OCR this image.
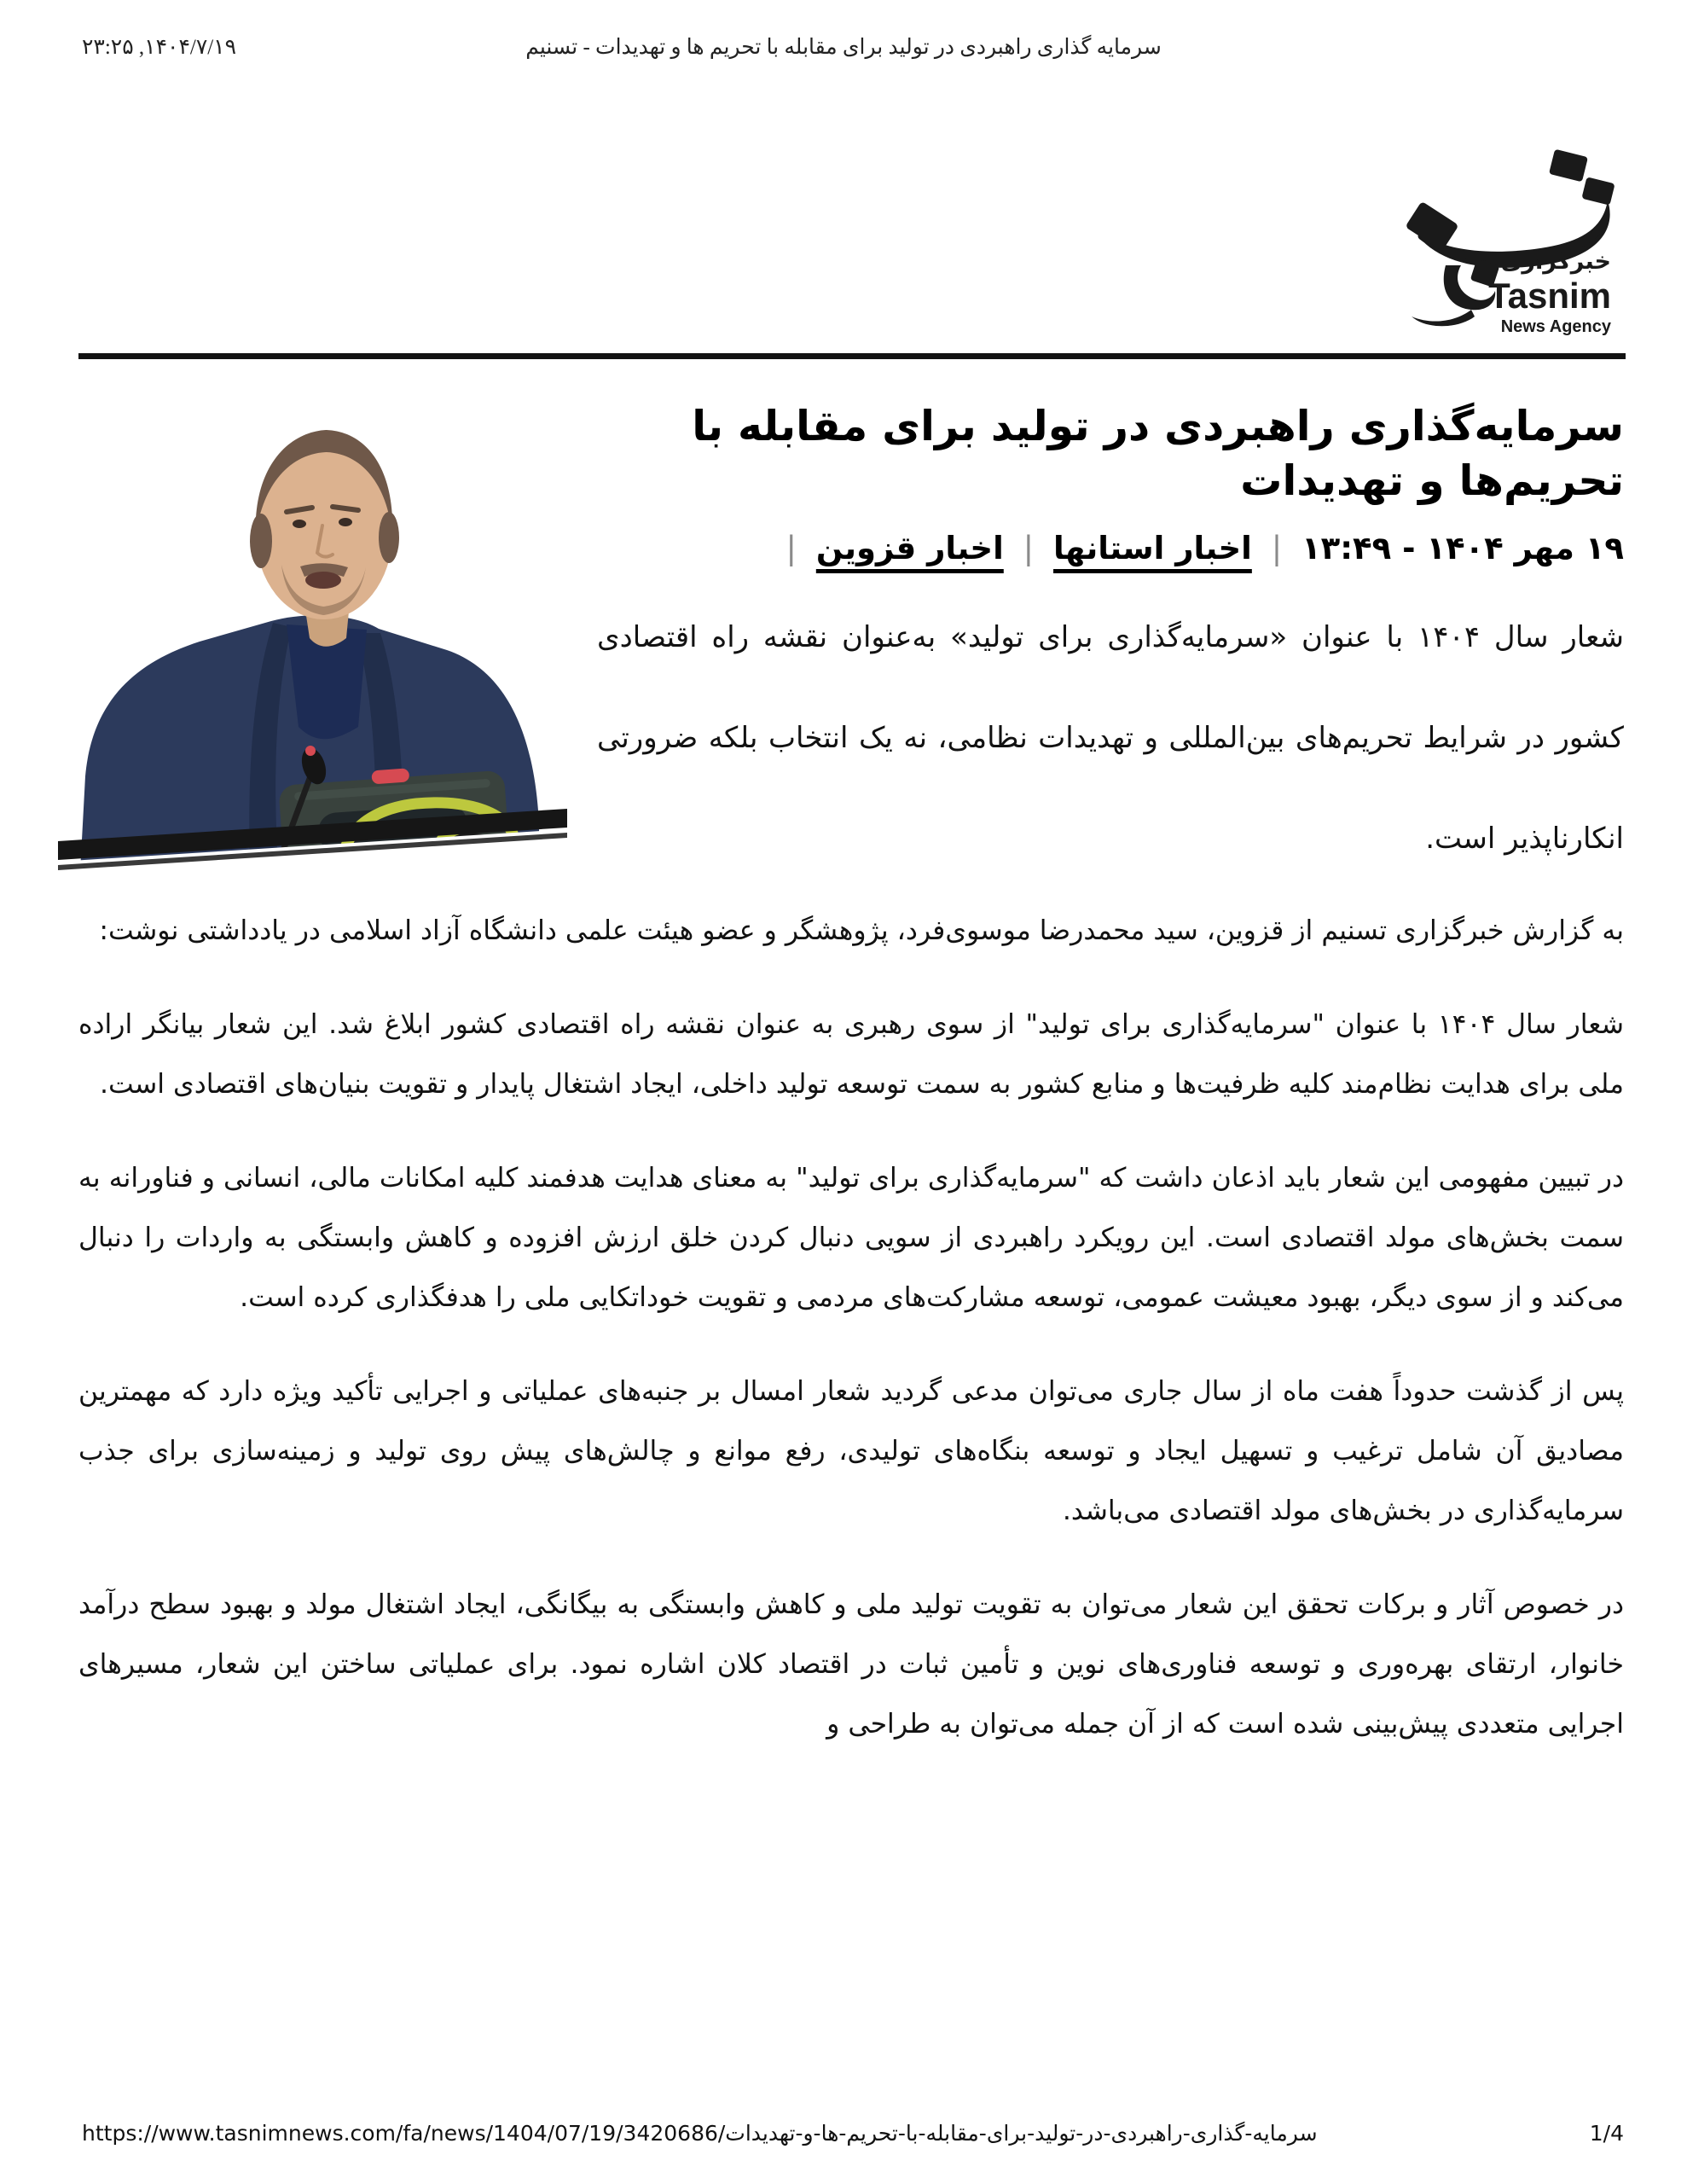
۲۳:۲۵ ,۱۴۰۴/۷/۱۹	سرمایه گذاری راهبردی در تولید برای مقابله با تحریم ها و تهدیدات - تسنیم
خبرگزاری
Tasnim
News Agency
سرمایه‌گذاری راهبردی در تولید برای مقابله با تحریم‌ها و تهدیدات
۱۹ مهر ۱۴۰۴ - ۱۳:۴۹ | اخبار استانها | اخبار قزوین |
شعار سال ۱۴۰۴ با عنوان «سرمایه‌گذاری برای تولید» به‌عنوان نقشه راه اقتصادی کشور در شرایط تحریم‌های بین‌المللی و تهدیدات نظامی، نه یک انتخاب بلکه ضرورتی انکارناپذیر است.

به گزارش خبرگزاری تسنیم از قزوین، سید محمدرضا موسوی‌فرد، پژوهشگر و عضو هیئت علمی دانشگاه آزاد اسلامی در یادداشتی نوشت:

شعار سال ۱۴۰۴ با عنوان "سرمایه‌گذاری برای تولید" از سوی رهبری به عنوان نقشه راه اقتصادی کشور ابلاغ شد. این شعار بیانگر اراده ملی برای هدایت نظام‌مند کلیه ظرفیت‌ها و منابع کشور به سمت توسعه تولید داخلی، ایجاد اشتغال پایدار و تقویت بنیان‌های اقتصادی است.

در تبیین مفهومی این شعار باید اذعان داشت که "سرمایه‌گذاری برای تولید" به معنای هدایت هدفمند کلیه امکانات مالی، انسانی و فناورانه به سمت بخش‌های مولد اقتصادی است. این رویکرد راهبردی از سویی دنبال کردن خلق ارزش افزوده و کاهش وابستگی به واردات را دنبال می‌کند و از سوی دیگر، بهبود معیشت عمومی، توسعه مشارکت‌های مردمی و تقویت خوداتکایی ملی را هدفگذاری کرده است.

پس از گذشت حدوداً هفت ماه از سال جاری می‌توان مدعی گردید شعار امسال بر جنبه‌های عملیاتی و اجرایی تأکید ویژه دارد که مهمترین مصادیق آن شامل ترغیب و تسهیل ایجاد و توسعه بنگاه‌های تولیدی، رفع موانع و چالش‌های پیش روی تولید و زمینه‌سازی برای جذب سرمایه‌گذاری در بخش‌های مولد اقتصادی می‌باشد.

در خصوص آثار و برکات تحقق این شعار می‌توان به تقویت تولید ملی و کاهش وابستگی به بیگانگی، ایجاد اشتغال مولد و بهبود سطح درآمد خانوار، ارتقای بهره‌وری و توسعه فناوری‌های نوین و تأمین ثبات در اقتصاد کلان اشاره نمود. برای عملیاتی ساختن این شعار، مسیرهای اجرایی متعددی پیش‌بینی شده است که از آن جمله می‌توان به طراحی و

https://www.tasnimnews.com/fa/news/1404/07/19/3420686/سرمایه-گذاری-راهبردی-در-تولید-برای-مقابله-با-تحریم-ها-و-تهدیدات	1/4
